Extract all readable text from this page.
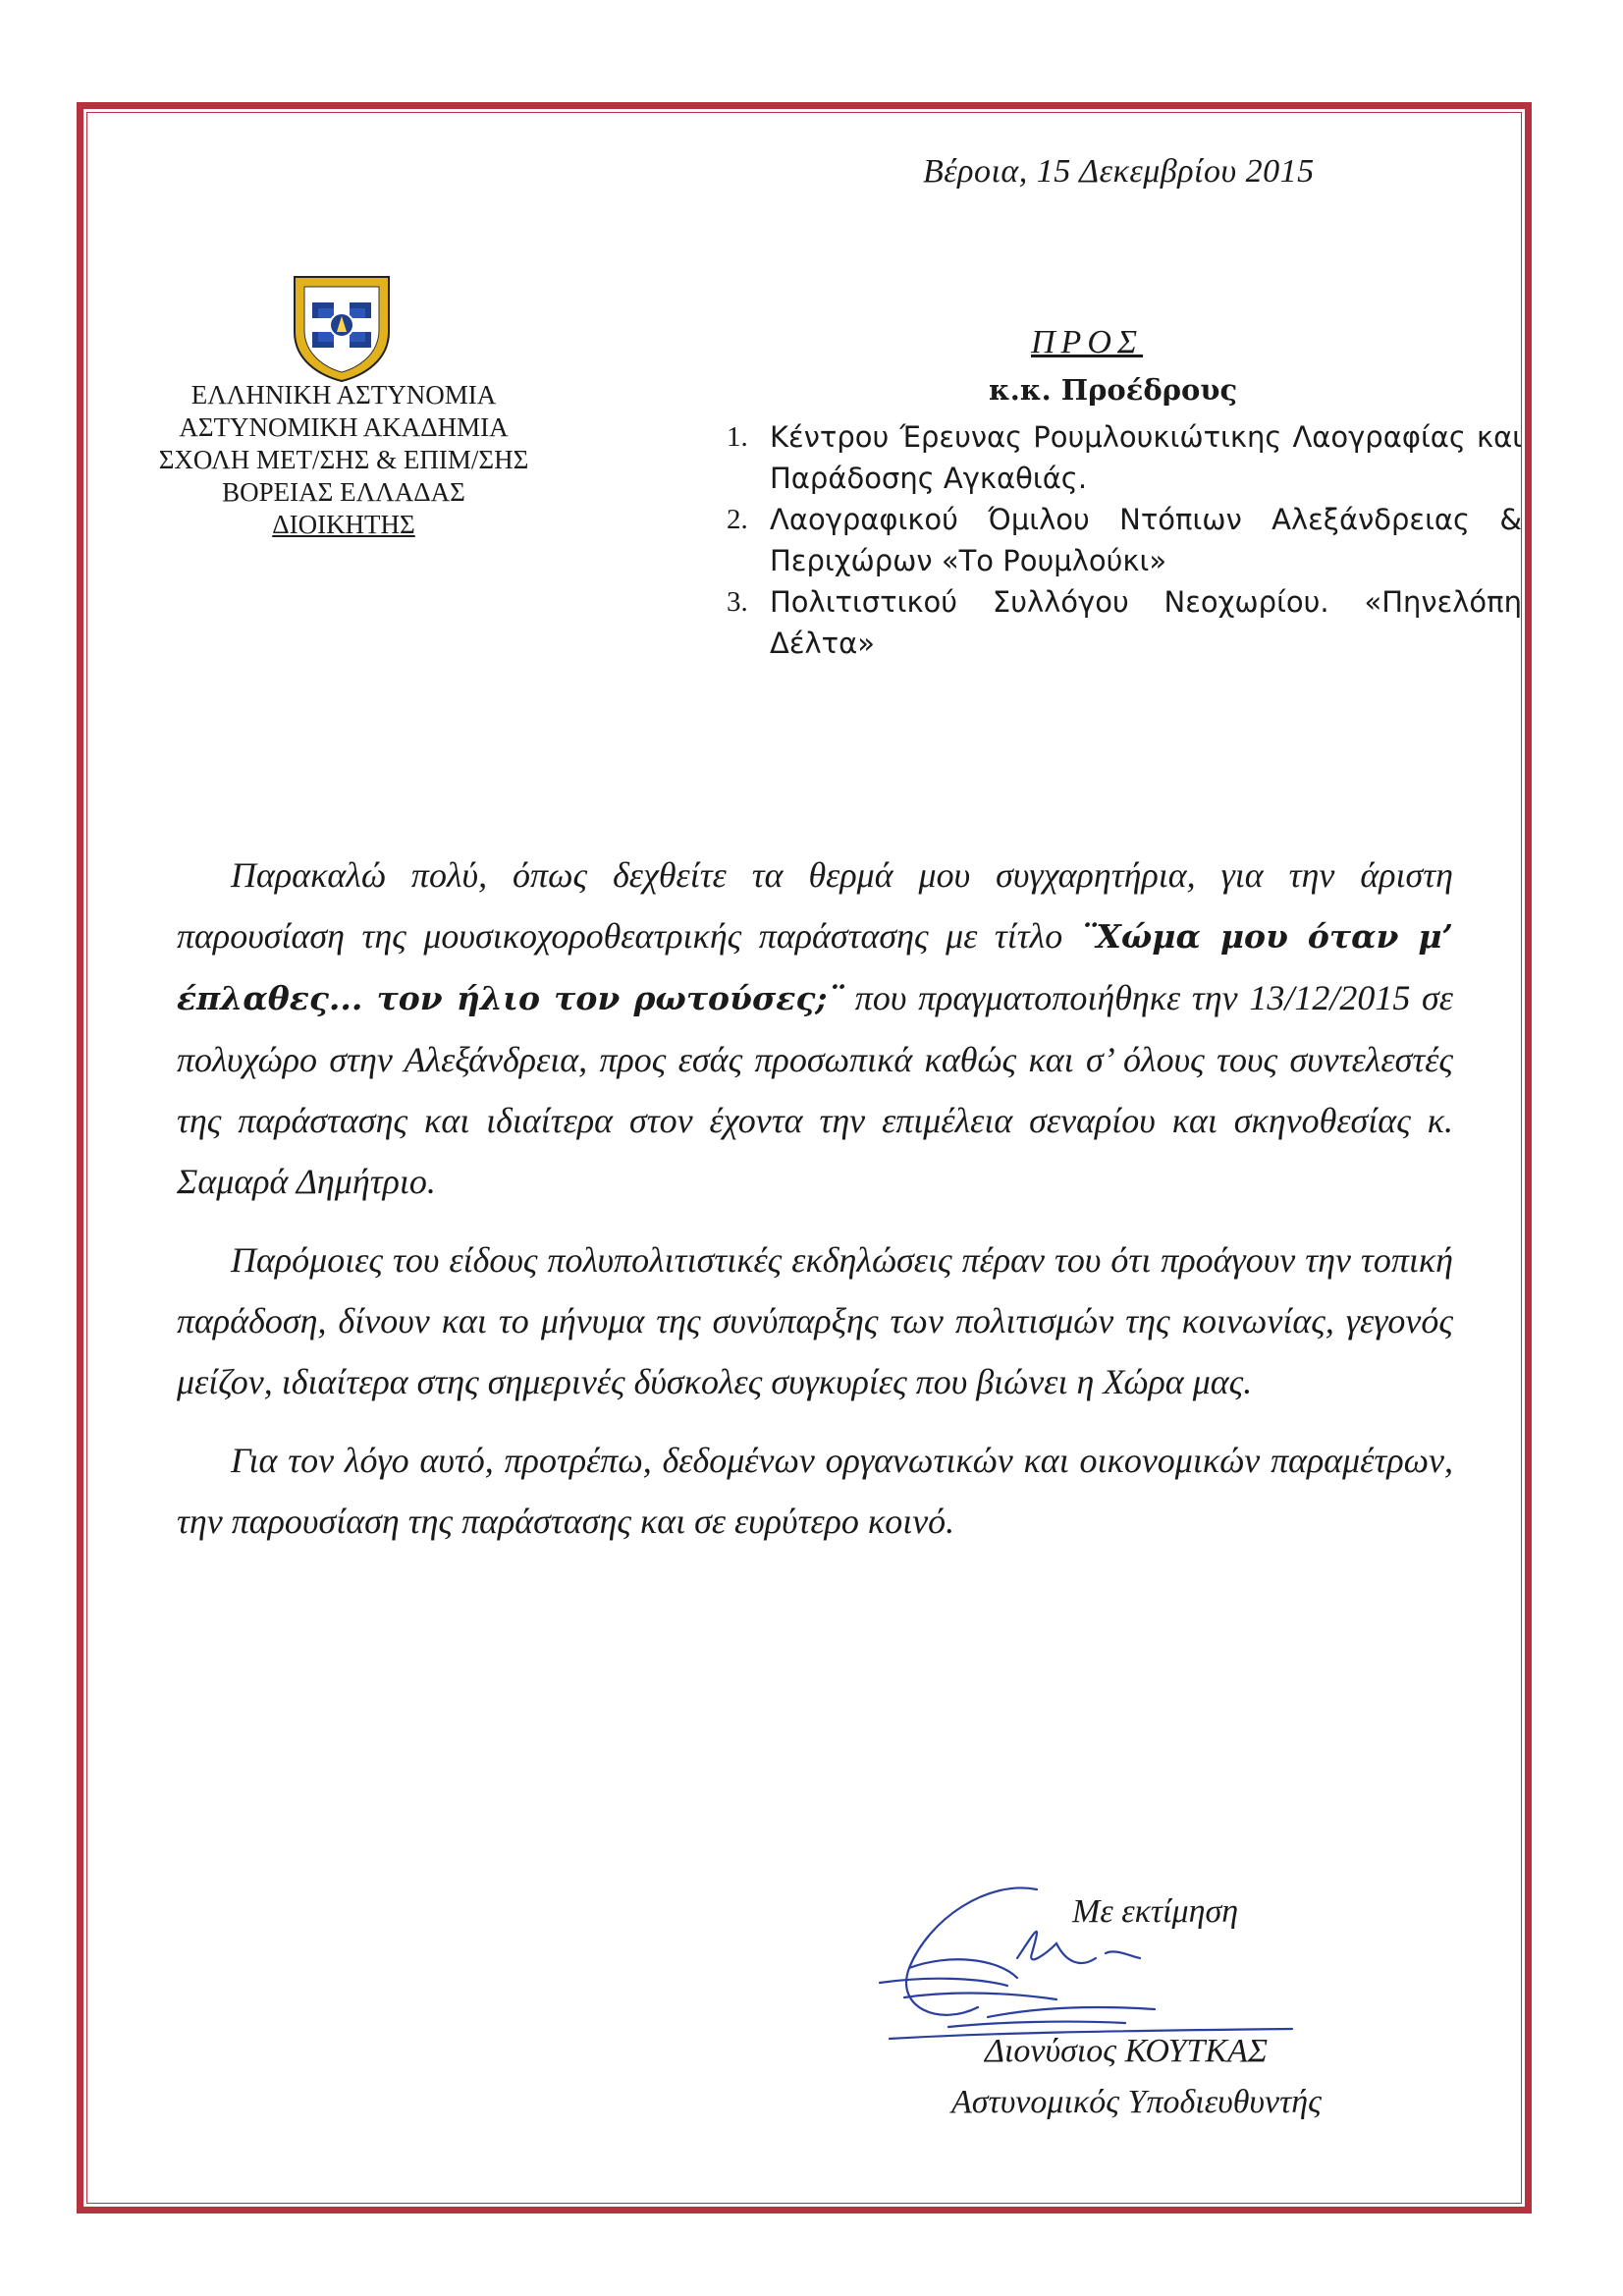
Βέροια, 15 Δεκεμβρίου 2015
ΕΛΛΗΝΙΚΗ ΑΣΤΥΝΟΜΙΑ
ΑΣΤΥΝΟΜΙΚΗ ΑΚΑΔΗΜΙΑ
ΣΧΟΛΗ ΜΕΤ/ΣΗΣ & ΕΠΙΜ/ΣΗΣ
ΒΟΡΕΙΑΣ ΕΛΛΑΔΑΣ
ΔΙΟΙΚΗΤΗΣ
ΠΡΟΣ
κ.κ. Προέδρους
1. Κέντρου Έρευνας Ρουμλουκιώτικης Λαογραφίας και Παράδοσης Αγκαθιάς.
2. Λαογραφικού Όμιλου Ντόπιων Αλεξάνδρειας & Περιχώρων «Το Ρουμλούκι»
3. Πολιτιστικού Συλλόγου Νεοχωρίου. «Πηνελόπη Δέλτα»

Παρακαλώ πολύ, όπως δεχθείτε τα θερμά μου συγχαρητήρια, για την άριστη παρουσίαση της μουσικοχοροθεατρικής παράστασης με τίτλο ¨Χώμα μου όταν μ’ έπλαθες... τον ήλιο τον ρωτούσες;¨ που πραγματοποιήθηκε την 13/12/2015 σε πολυχώρο στην Αλεξάνδρεια, προς εσάς προσωπικά καθώς και σ’ όλους τους συντελεστές της παράστασης και ιδιαίτερα στον έχοντα την επιμέλεια σεναρίου και σκηνοθεσίας κ. Σαμαρά Δημήτριο.

Παρόμοιες του είδους πολυπολιτιστικές εκδηλώσεις πέραν του ότι προάγουν την τοπική παράδοση, δίνουν και το μήνυμα της συνύπαρξης των πολιτισμών της κοινωνίας, γεγονός μείζον, ιδιαίτερα στης σημερινές δύσκολες συγκυρίες που βιώνει η Χώρα μας.

Για τον λόγο αυτό, προτρέπω, δεδομένων οργανωτικών και οικονομικών παραμέτρων, την παρουσίαση της παράστασης και σε ευρύτερο κοινό.

Με εκτίμηση
Διονύσιος ΚΟΥΤΚΑΣ
Αστυνομικός Υποδιευθυντής
